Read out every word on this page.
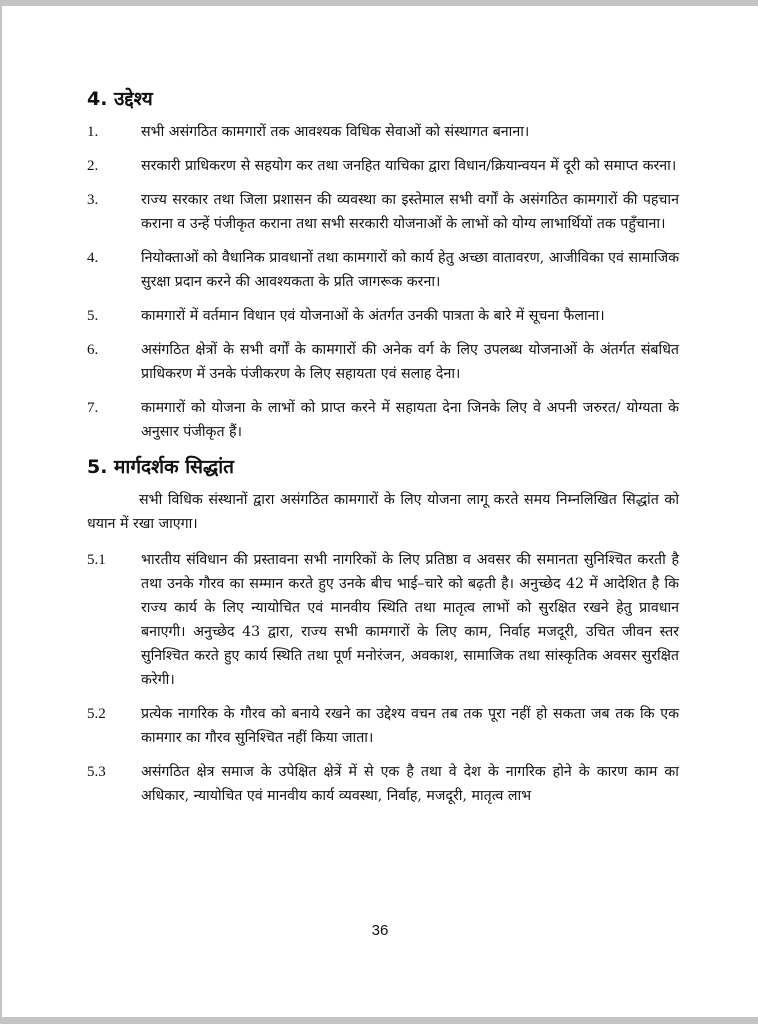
4. उद्देश्य
1.	सभी असंगठित कामगारों तक आवश्यक विधिक सेवाओं को संस्थागत बनाना।
2.	सरकारी प्राधिकरण से सहयोग कर तथा जनहित याचिका द्वारा विधान/क्रियान्वयन में दूरी को समाप्त करना।
3.	राज्य सरकार तथा जिला प्रशासन की व्यवस्था का इस्तेमाल सभी वर्गों के असंगठित कामगारों की पहचान कराना व उन्हें पंजीकृत कराना तथा सभी सरकारी योजनाओं के लाभों को योग्य लाभार्थियों तक पहुँचाना।
4.	नियोक्ताओं को वैधानिक प्रावधानों तथा कामगारों को कार्य हेतु अच्छा वातावरण, आजीविका एवं सामाजिक सुरक्षा प्रदान करने की आवश्यकता के प्रति जागरूक करना।
5.	कामगारों में वर्तमान विधान एवं योजनाओं के अंतर्गत उनकी पात्रता के बारे में सूचना फैलाना।
6.	असंगठित क्षेत्रों के सभी वर्गों के कामगारों की अनेक वर्ग के लिए उपलब्ध योजनाओं के अंतर्गत संबधित प्राधिकरण में उनके पंजीकरण के लिए सहायता एवं सलाह देना।
7.	कामगारों को योजना के लाभों को प्राप्त करने में सहायता देना जिनके लिए वे अपनी जरुरत/ योग्यता के अनुसार पंजीकृत हैं।
5. मार्गदर्शक सिद्धांत

सभी विधिक संस्थानों द्वारा असंगठित कामगारों के लिए योजना लागू करते समय निम्नलिखित सिद्धांत को धयान में रखा जाएगा।

5.1	भारतीय संविधान की प्रस्तावना सभी नागरिकों के लिए प्रतिष्ठा व अवसर की समानता सुनिश्चित करती है तथा उनके गौरव का सम्मान करते हुए उनके बीच भाई–चारे को बढ़ती है। अनुच्छेद 42 में आदेशित है कि राज्य कार्य के लिए न्यायोचित एवं मानवीय स्थिति तथा मातृत्व लाभों को सुरक्षित रखने हेतु प्रावधान बनाएगी। अनुच्छेद 43 द्वारा, राज्य सभी कामगारों के लिए काम, निर्वाह मजदूरी, उचित जीवन स्तर सुनिश्चित करते हुए कार्य स्थिति तथा पूर्ण मनोरंजन, अवकाश, सामाजिक तथा सांस्कृतिक अवसर सुरक्षित करेगी।
5.2	प्रत्येक नागरिक के गौरव को बनाये रखने का उद्देश्य वचन तब तक पूरा नहीं हो सकता जब तक कि एक कामगार का गौरव सुनिश्चित नहीं किया जाता।
5.3	असंगठित क्षेत्र समाज के उपेक्षित क्षेत्रें में से एक है तथा वे देश के नागरिक होने के कारण काम का अधिकार, न्यायोचित एवं मानवीय कार्य व्यवस्था, निर्वाह, मजदूरी, मातृत्व लाभ
36
